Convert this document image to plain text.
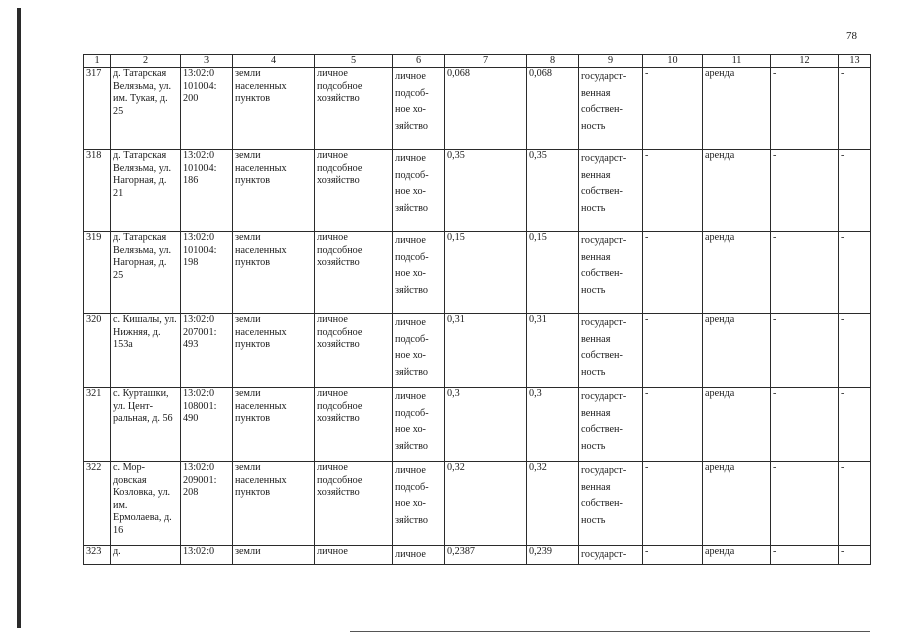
78
1	2	3	4	5	6	7	8	9	10	11	12	13
317	д. Татарская Велязьма, ул. им. Тукая, д. 25	13:02:0 101004: 200	земли населенных пунктов	личное подсобное хозяйство	личное подсоб- ное хо- зяйство	0,068	0,068	государст- венная собствен- ность	-	аренда	-	-
318	д. Татарская Велязьма, ул. Нагорная, д. 21	13:02:0 101004: 186	земли населенных пунктов	личное подсобное хозяйство	личное подсоб- ное хо- зяйство	0,35	0,35	государст- венная собствен- ность	-	аренда	-	-
319	д. Татарская Велязьма, ул. Нагорная, д. 25	13:02:0 101004: 198	земли населенных пунктов	личное подсобное хозяйство	личное подсоб- ное хо- зяйство	0,15	0,15	государст- венная собствен- ность	-	аренда	-	-
320	с. Кишалы, ул. Нижняя, д. 153а	13:02:0 207001: 493	земли населенных пунктов	личное подсобное хозяйство	личное подсоб- ное хо- зяйство	0,31	0,31	государст- венная собствен- ность	-	аренда	-	-
321	с. Курташки, ул. Цент- ральная, д. 56	13:02:0 108001: 490	земли населенных пунктов	личное подсобное хозяйство	личное подсоб- ное хо- зяйство	0,3	0,3	государст- венная собствен- ность	-	аренда	-	-
322	с. Мор- довская Козловка, ул. им. Ермолаева, д. 16	13:02:0 209001: 208	земли населенных пунктов	личное подсобное хозяйство	личное подсоб- ное хо- зяйство	0,32	0,32	государст- венная собствен- ность	-	аренда	-	-
323	д.	13:02:0	земли	личное	личное	0,2387	0,239	государст-	-	аренда	-	-
